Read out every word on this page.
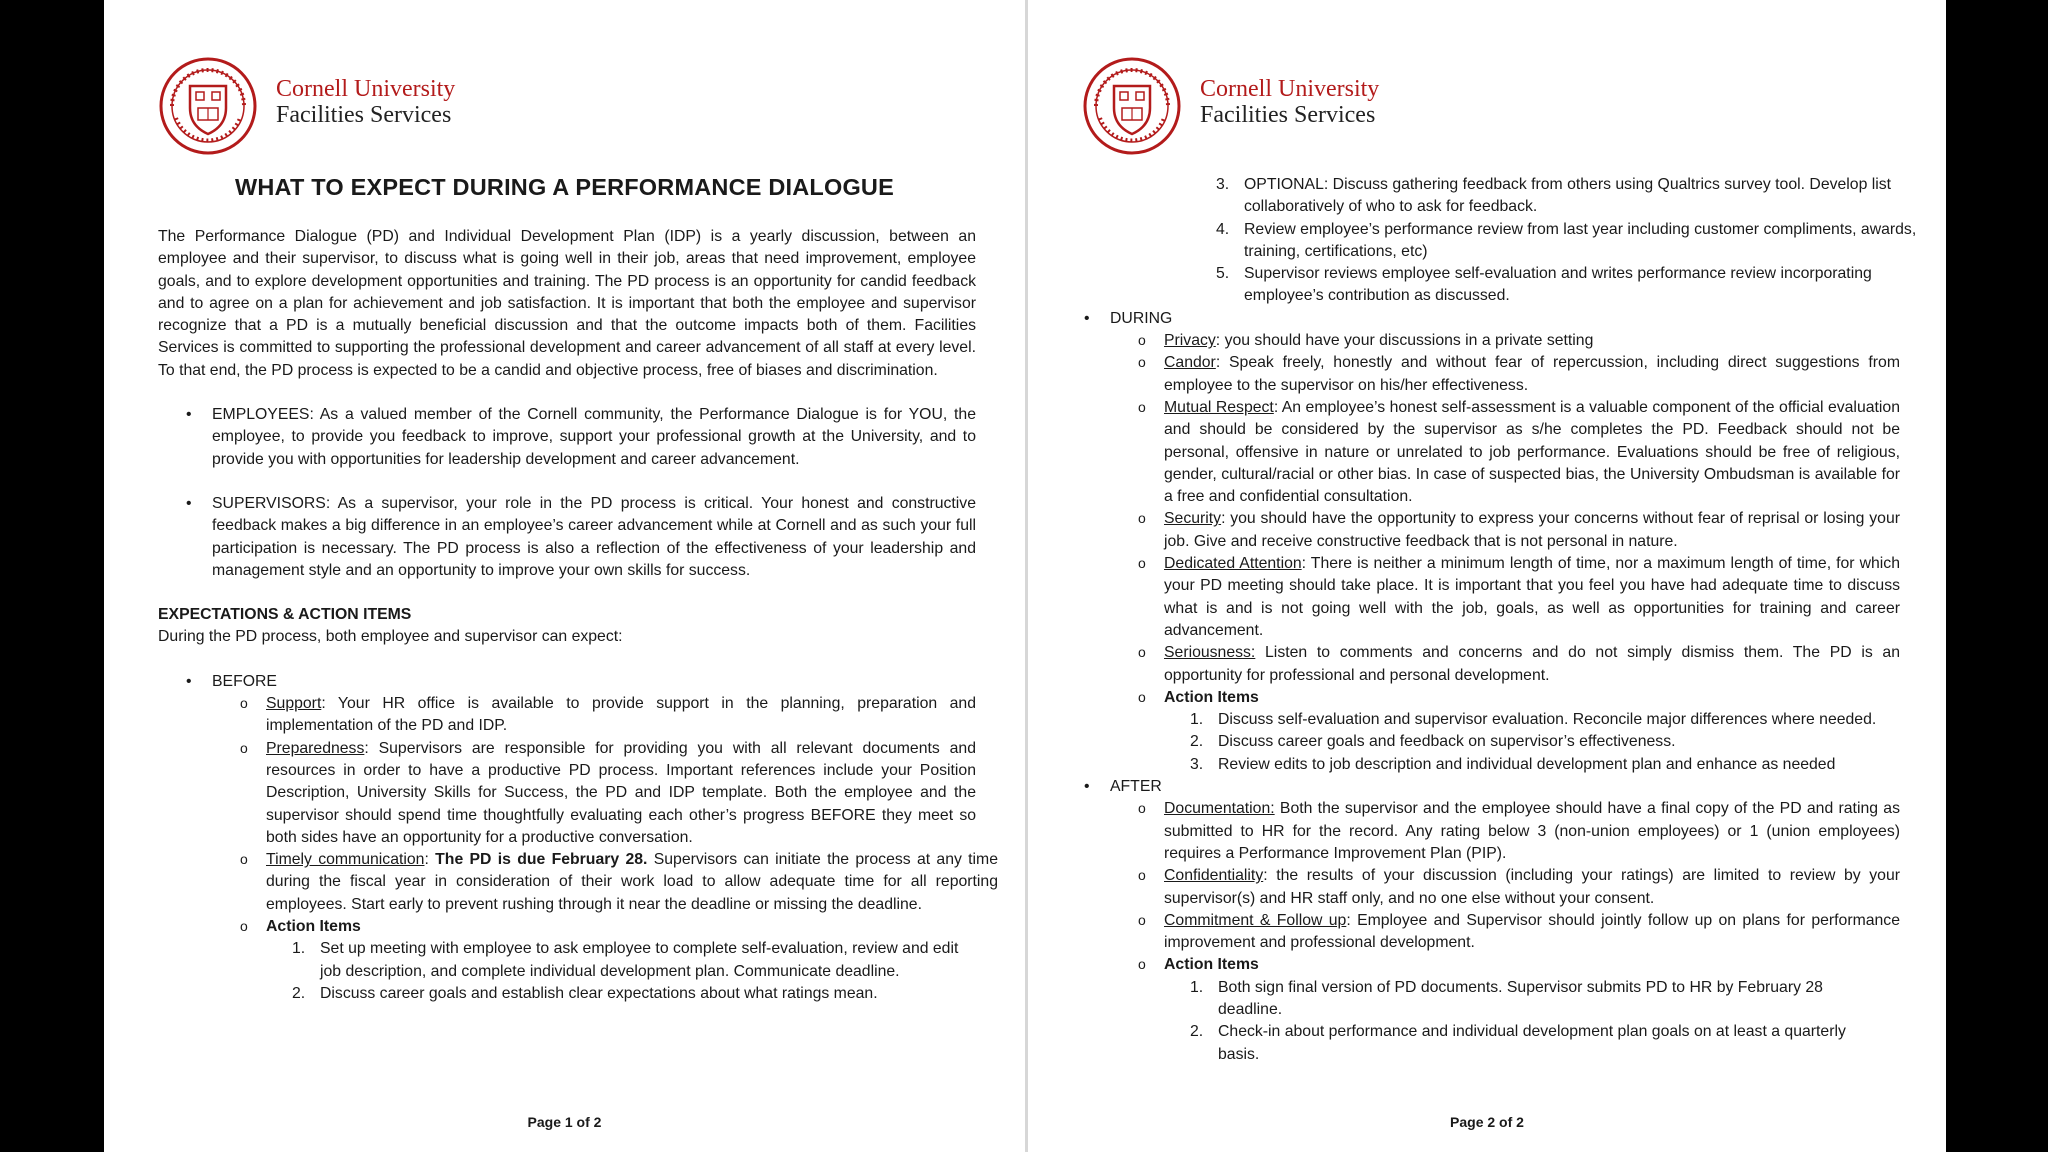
Cornell University
Facilities Services
WHAT TO EXPECT DURING A PERFORMANCE DIALOGUE

The Performance Dialogue (PD) and Individual Development Plan (IDP) is a yearly discussion, between an employee and their supervisor, to discuss what is going well in their job, areas that need improvement, employee goals, and to explore development opportunities and training. The PD process is an opportunity for candid feedback and to agree on a plan for achievement and job satisfaction. It is important that both the employee and supervisor recognize that a PD is a mutually beneficial discussion and that the outcome impacts both of them. Facilities Services is committed to supporting the professional development and career advancement of all staff at every level. To that end, the PD process is expected to be a candid and objective process, free of biases and discrimination.

• EMPLOYEES: As a valued member of the Cornell community, the Performance Dialogue is for YOU, the employee, to provide you feedback to improve, support your professional growth at the University, and to provide you with opportunities for leadership development and career advancement.
• SUPERVISORS: As a supervisor, your role in the PD process is critical. Your honest and constructive feedback makes a big difference in an employee’s career advancement while at Cornell and as such your full participation is necessary. The PD process is also a reflection of the effectiveness of your leadership and management style and an opportunity to improve your own skills for success.

EXPECTATIONS & ACTION ITEMS

During the PD process, both employee and supervisor can expect:

• BEFORE
o Support: Your HR office is available to provide support in the planning, preparation and implementation of the PD and IDP.
o Preparedness: Supervisors are responsible for providing you with all relevant documents and resources in order to have a productive PD process. Important references include your Position Description, University Skills for Success, the PD and IDP template. Both the employee and the supervisor should spend time thoughtfully evaluating each other’s progress BEFORE they meet so both sides have an opportunity for a productive conversation.
o Timely communication: The PD is due February 28. Supervisors can initiate the process at any time during the fiscal year in consideration of their work load to allow adequate time for all reporting employees. Start early to prevent rushing through it near the deadline or missing the deadline.
o Action Items
1. Set up meeting with employee to ask employee to complete self-evaluation, review and edit job description, and complete individual development plan. Communicate deadline.
2. Discuss career goals and establish clear expectations about what ratings mean.
Page 1 of 2
Cornell University
Facilities Services
3. OPTIONAL: Discuss gathering feedback from others using Qualtrics survey tool. Develop list collaboratively of who to ask for feedback.
4. Review employee’s performance review from last year including customer compliments, awards, training, certifications, etc)
5. Supervisor reviews employee self-evaluation and writes performance review incorporating employee’s contribution as discussed.
• DURING
o Privacy: you should have your discussions in a private setting
o Candor: Speak freely, honestly and without fear of repercussion, including direct suggestions from employee to the supervisor on his/her effectiveness.
o Mutual Respect: An employee’s honest self-assessment is a valuable component of the official evaluation and should be considered by the supervisor as s/he completes the PD. Feedback should not be personal, offensive in nature or unrelated to job performance. Evaluations should be free of religious, gender, cultural/racial or other bias. In case of suspected bias, the University Ombudsman is available for a free and confidential consultation.
o Security: you should have the opportunity to express your concerns without fear of reprisal or losing your job. Give and receive constructive feedback that is not personal in nature.
o Dedicated Attention: There is neither a minimum length of time, nor a maximum length of time, for which your PD meeting should take place. It is important that you feel you have had adequate time to discuss what is and is not going well with the job, goals, as well as opportunities for training and career advancement.
o Seriousness: Listen to comments and concerns and do not simply dismiss them. The PD is an opportunity for professional and personal development.
o Action Items
1. Discuss self-evaluation and supervisor evaluation. Reconcile major differences where needed.
2. Discuss career goals and feedback on supervisor’s effectiveness.
3. Review edits to job description and individual development plan and enhance as needed
• AFTER
o Documentation: Both the supervisor and the employee should have a final copy of the PD and rating as submitted to HR for the record. Any rating below 3 (non-union employees) or 1 (union employees) requires a Performance Improvement Plan (PIP).
o Confidentiality: the results of your discussion (including your ratings) are limited to review by your supervisor(s) and HR staff only, and no one else without your consent.
o Commitment & Follow up: Employee and Supervisor should jointly follow up on plans for performance improvement and professional development.
o Action Items
1. Both sign final version of PD documents. Supervisor submits PD to HR by February 28 deadline.
2. Check-in about performance and individual development plan goals on at least a quarterly basis.
Page 2 of 2
